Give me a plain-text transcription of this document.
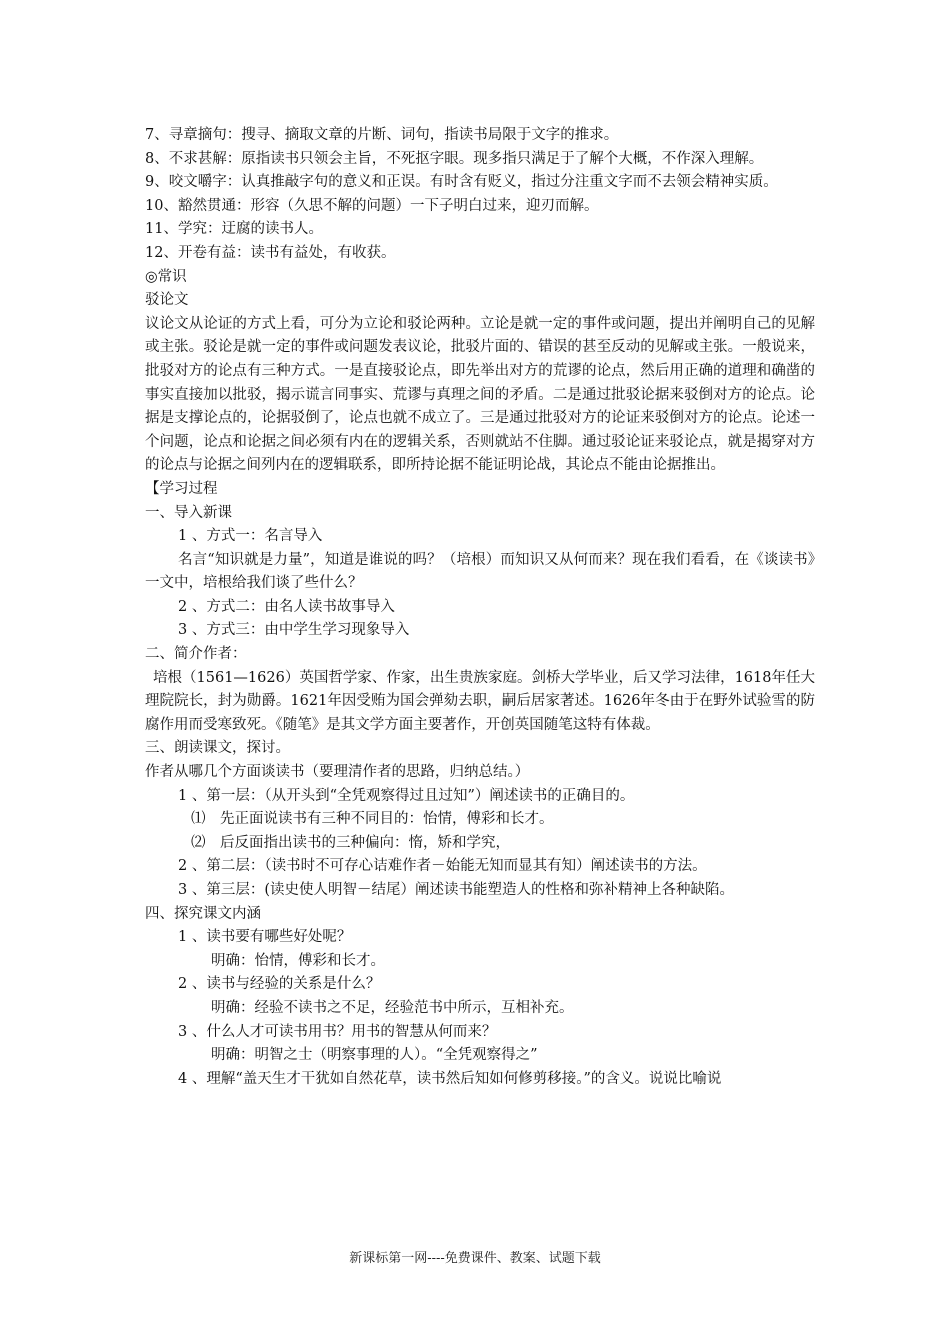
7、寻章摘句：搜寻、摘取文章的片断、词句，指读书局限于文字的推求。
8、不求甚解：原指读书只领会主旨，不死抠字眼。现多指只满足于了解个大概，不作深入理解。
9、咬文嚼字：认真推敲字句的意义和正误。有时含有贬义，指过分注重文字而不去领会精神实质。
10、豁然贯通：形容（久思不解的问题）一下子明白过来，迎刃而解。
11、学究：迂腐的读书人。
12、开卷有益：读书有益处，有收获。
◎常识
驳论文
议论文从论证的方式上看，可分为立论和驳论两种。立论是就一定的事件或问题，提出并阐明自己的见解或主张。驳论是就一定的事件或问题发表议论，批驳片面的、错误的甚至反动的见解或主张。一般说来，批驳对方的论点有三种方式。一是直接驳论点，即先举出对方的荒谬的论点，然后用正确的道理和确凿的事实直接加以批驳，揭示谎言同事实、荒谬与真理之间的矛盾。二是通过批驳论据来驳倒对方的论点。论据是支撑论点的，论据驳倒了，论点也就不成立了。三是通过批驳对方的论证来驳倒对方的论点。论述一个问题，论点和论据之间必须有内在的逻辑关系，否则就站不住脚。通过驳论证来驳论点，就是揭穿对方的论点与论据之间列内在的逻辑联系，即所持论据不能证明论战，其论点不能由论据推出。
【学习过程
一、导入新课
1 、方式一：名言导入
名言“知识就是力量”，知道是谁说的吗？（培根）而知识又从何而来？现在我们看看，在《谈读书》一文中，培根给我们谈了些什么？
2 、方式二：由名人读书故事导入
3 、方式三：由中学生学习现象导入
二、简介作者：
培根（1561—1626）英国哲学家、作家，出生贵族家庭。剑桥大学毕业，后又学习法律，1618年任大理院院长，封为勋爵。1621年因受贿为国会弹劾去职，嗣后居家著述。1626年冬由于在野外试验雪的防腐作用而受寒致死。《随笔》是其文学方面主要著作，开创英国随笔这特有体裁。
三、朗读课文，探讨。
作者从哪几个方面谈读书（要理清作者的思路，归纳总结。）
1 、第一层：（从开头到“全凭观察得过且过知”）阐述读书的正确目的。
⑴　先正面说读书有三种不同目的：怡情，傅彩和长才。
⑵　后反面指出读书的三种偏向：惰，矫和学究，
2 、第二层：（读书时不可存心诘难作者－始能无知而显其有知）阐述读书的方法。
3 、第三层：(读史使人明智－结尾）阐述读书能塑造人的性格和弥补精神上各种缺陷。
四、探究课文内涵
1 、读书要有哪些好处呢？
明确：怡情，傅彩和长才。
2 、读书与经验的关系是什么？
明确：经验不读书之不足，经验范书中所示，互相补充。
3 、什么人才可读书用书？用书的智慧从何而来？
明确：明智之士（明察事理的人）。“全凭观察得之”
4 、理解“盖天生才干犹如自然花草，读书然后知如何修剪移接。”的含义。说说比喻说
新课标第一网----免费课件、教案、试题下载
